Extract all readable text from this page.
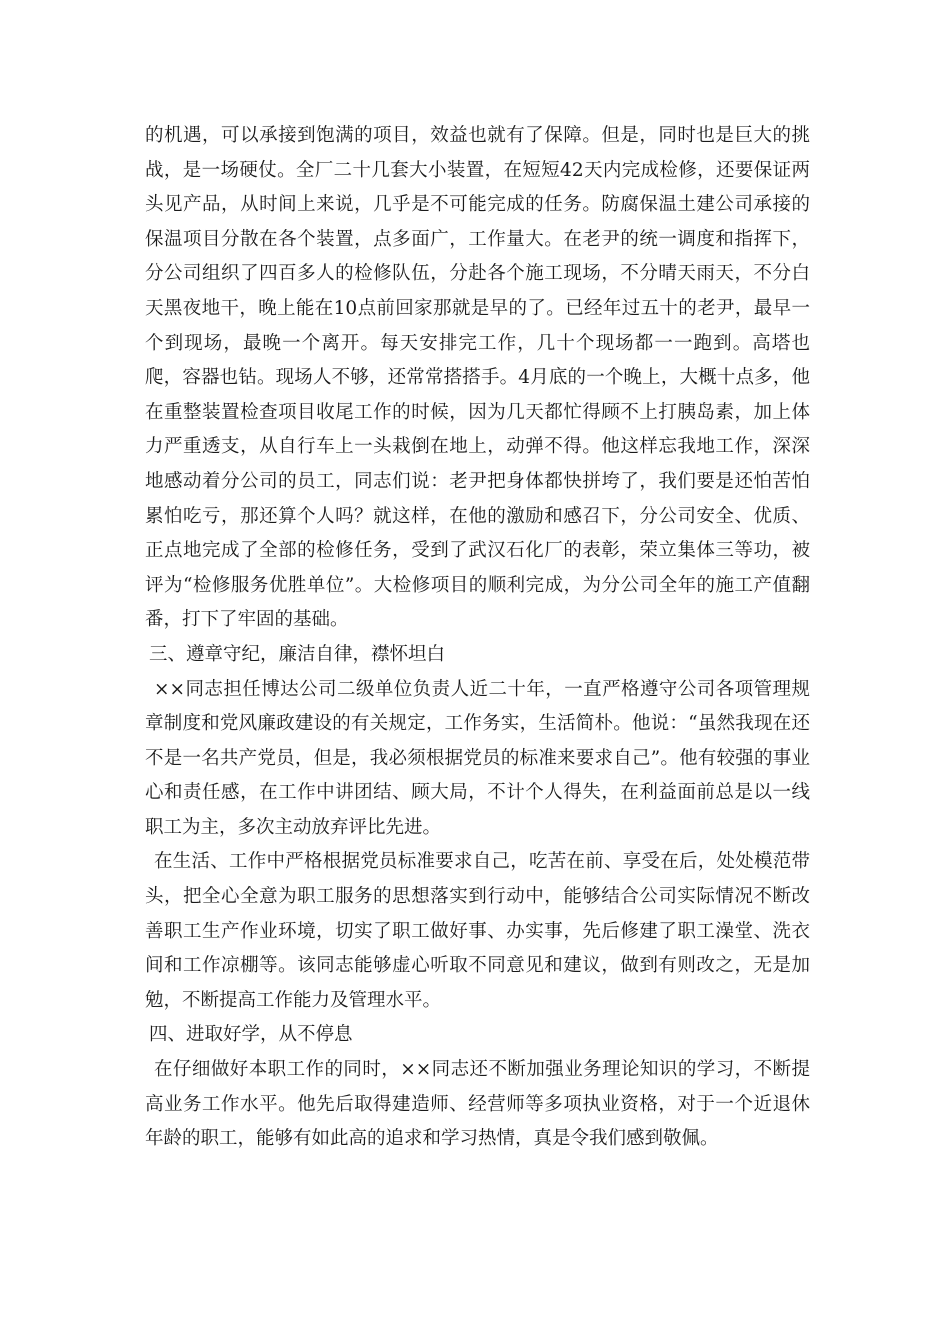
的机遇，可以承接到饱满的项目，效益也就有了保障。但是，同时也是巨大的挑战，是一场硬仗。全厂二十几套大小装置，在短短42天内完成检修，还要保证两头见产品，从时间上来说，几乎是不可能完成的任务。防腐保温土建公司承接的保温项目分散在各个装置，点多面广，工作量大。在老尹的统一调度和指挥下，分公司组织了四百多人的检修队伍，分赴各个施工现场，不分晴天雨天，不分白天黑夜地干，晚上能在10点前回家那就是早的了。已经年过五十的老尹，最早一个到现场，最晚一个离开。每天安排完工作，几十个现场都一一跑到。高塔也爬，容器也钻。现场人不够，还常常搭搭手。4月底的一个晚上，大概十点多，他在重整装置检查项目收尾工作的时候，因为几天都忙得顾不上打胰岛素，加上体力严重透支，从自行车上一头栽倒在地上，动弹不得。他这样忘我地工作，深深地感动着分公司的员工，同志们说：老尹把身体都快拼垮了，我们要是还怕苦怕累怕吃亏，那还算个人吗？就这样，在他的激励和感召下，分公司安全、优质、正点地完成了全部的检修任务，受到了武汉石化厂的表彰，荣立集体三等功，被评为“检修服务优胜单位”。大检修项目的顺利完成，为分公司全年的施工产值翻番，打下了牢固的基础。

三、遵章守纪，廉洁自律，襟怀坦白

××同志担任博达公司二级单位负责人近二十年，一直严格遵守公司各项管理规章制度和党风廉政建设的有关规定，工作务实，生活简朴。他说：“虽然我现在还不是一名共产党员，但是，我必须根据党员的标准来要求自己”。他有较强的事业心和责任感，在工作中讲团结、顾大局，不计个人得失，在利益面前总是以一线职工为主，多次主动放弃评比先进。

在生活、工作中严格根据党员标准要求自己，吃苦在前、享受在后，处处模范带头，把全心全意为职工服务的思想落实到行动中，能够结合公司实际情况不断改善职工生产作业环境，切实了职工做好事、办实事，先后修建了职工澡堂、洗衣间和工作凉棚等。该同志能够虚心听取不同意见和建议，做到有则改之，无是加勉，不断提高工作能力及管理水平。

四、进取好学，从不停息

在仔细做好本职工作的同时，××同志还不断加强业务理论知识的学习，不断提高业务工作水平。他先后取得建造师、经营师等多项执业资格，对于一个近退休年龄的职工，能够有如此高的追求和学习热情，真是令我们感到敬佩。
